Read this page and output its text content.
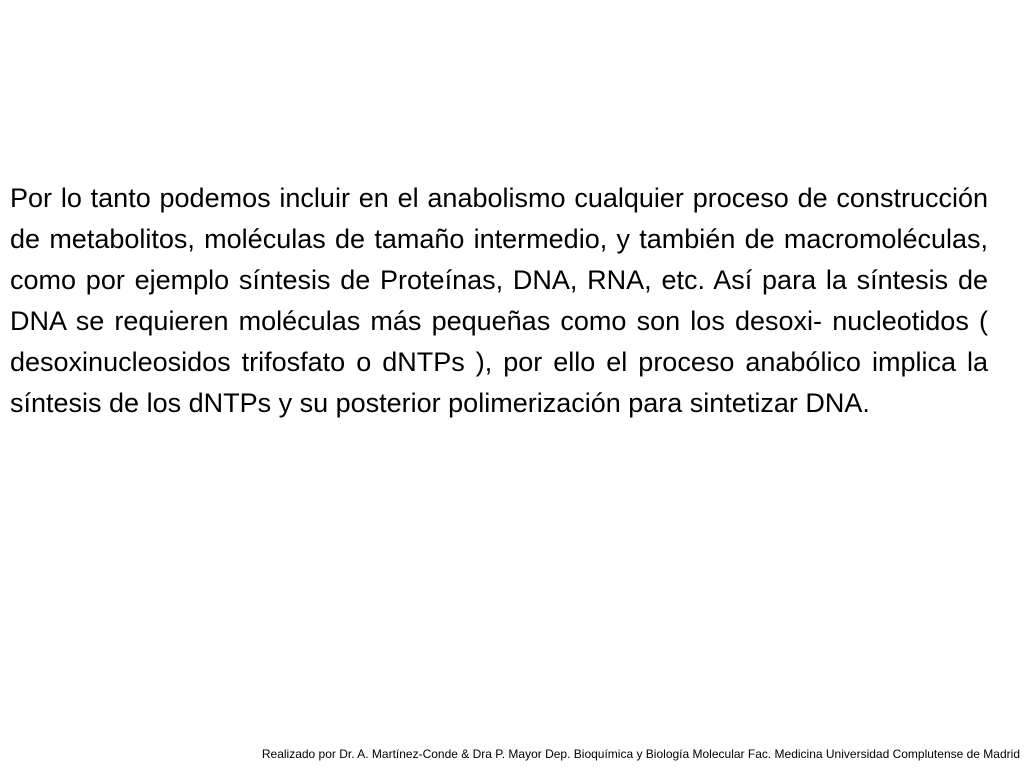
Por lo tanto podemos incluir en el anabolismo cualquier proceso de construcción de metabolitos, moléculas de tamaño intermedio, y también de macromoléculas, como por ejemplo síntesis de Proteínas, DNA, RNA, etc. Así para la síntesis de DNA se requieren moléculas más pequeñas como son los desoxi- nucleotidos ( desoxinucleosidos trifosfato o dNTPs ), por ello el proceso anabólico implica la síntesis de los dNTPs y su posterior polimerización para sintetizar DNA.

Realizado por Dr. A. Martínez-Conde & Dra P. Mayor Dep. Bioquímica y Biología Molecular Fac. Medicina Universidad Complutense de Madrid
